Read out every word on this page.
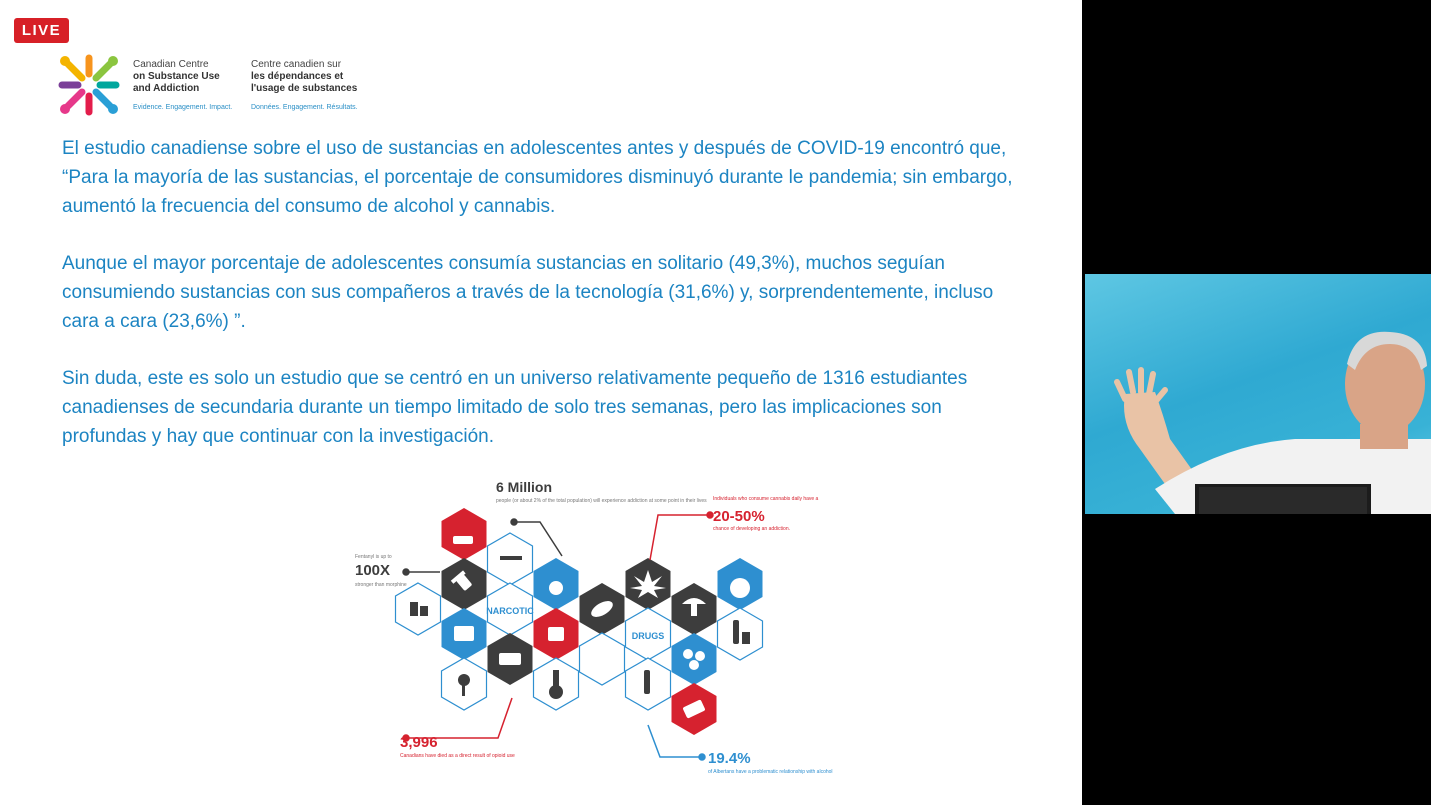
LIVE
Canadian Centre
on Substance Use
and Addiction
Centre canadien sur
les dépendances et
l'usage de substances
Evidence. Engagement. Impact.	Données. Engagement. Résultats.
El estudio canadiense sobre el uso de sustancias en adolescentes antes y después de COVID-19 encontró que, “Para la mayoría de las sustancias, el porcentaje de consumidores disminuyó durante le pandemia; sin embargo, aumentó la frecuencia del consumo de alcohol y cannabis.
Aunque el mayor porcentaje de adolescentes consumía sustancias en solitario (49,3%), muchos seguían consumiendo sustancias con sus compañeros a través de la tecnología (31,6%) y, sorprendentemente, incluso cara a cara (23,6%) ”.
Sin duda, este es solo un estudio que se centró en un universo relativamente pequeño de 1316 estudiantes canadienses de secundaria durante un tiempo limitado de solo tres semanas, pero las implicaciones son profundas y hay que continuar con la investigación.
NARCOTIC
DRUGS
6 Million
people (or about 2% of the total population) will experience addiction at some point in their lives
Fentanyl is up to
100X
stronger than morphine
Individuals who consume cannabis daily have a
20-50%
chance of developing an addiction.
3,996
Canadians have died as a direct result of opioid use	19.4%
of Albertans have a problematic relationship with alcohol
